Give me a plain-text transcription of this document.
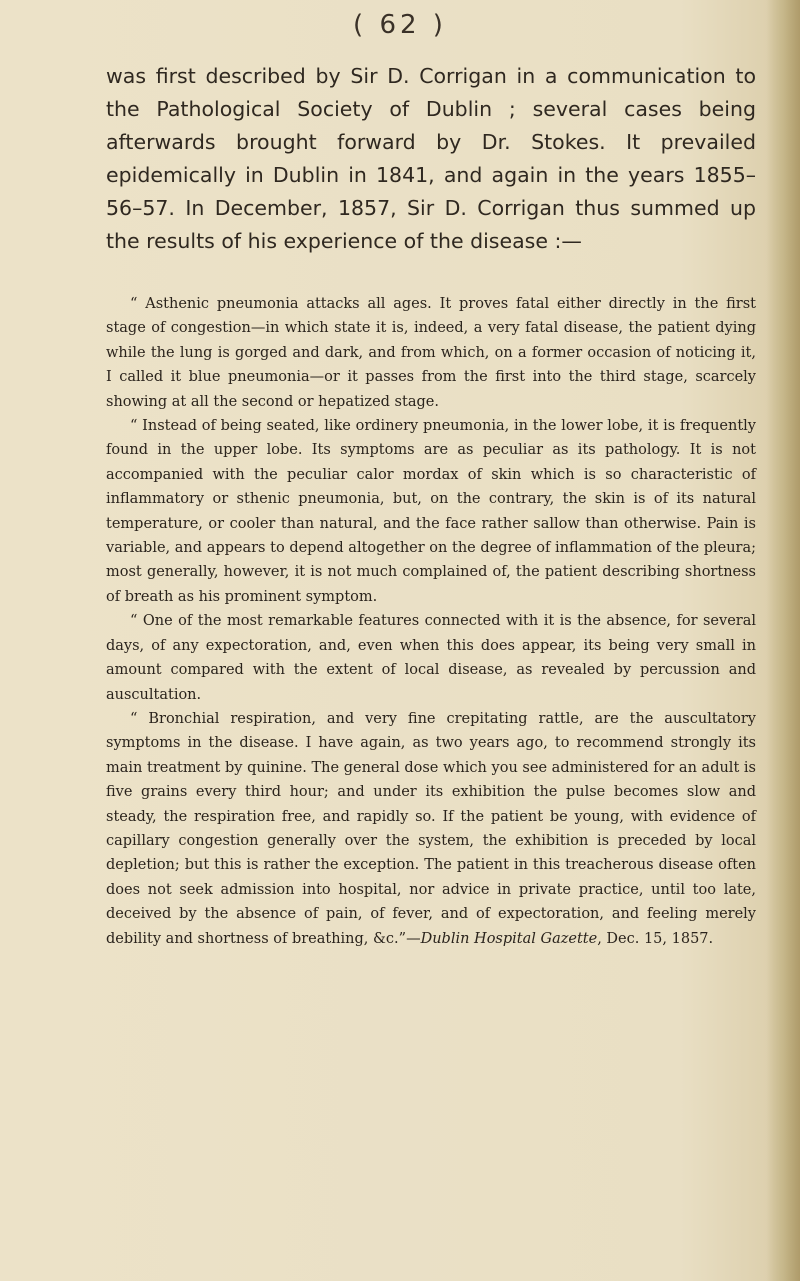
( 62 )

was first described by Sir D. Corrigan in a communication to the Pathological Society of Dublin ; several cases being afterwards brought forward by Dr. Stokes. It prevailed epidemically in Dublin in 1841, and again in the years 1855–56–57. In December, 1857, Sir D. Corrigan thus summed up the results of his experience of the disease :—

“ Asthenic pneumonia attacks all ages. It proves fatal either directly in the first stage of congestion—in which state it is, indeed, a very fatal disease, the patient dying while the lung is gorged and dark, and from which, on a former occasion of noticing it, I called it blue pneumonia—or it passes from the first into the third stage, scarcely showing at all the second or hepatized stage.

“ Instead of being seated, like ordinery pneumonia, in the lower lobe, it is frequently found in the upper lobe. Its symptoms are as peculiar as its pathology. It is not accompanied with the peculiar calor mordax of skin which is so characteristic of inflammatory or sthenic pneumonia, but, on the contrary, the skin is of its natural temperature, or cooler than natural, and the face rather sallow than otherwise. Pain is variable, and appears to depend altogether on the degree of inflammation of the pleura; most generally, however, it is not much complained of, the patient describing shortness of breath as his prominent symptom.

“ One of the most remarkable features connected with it is the absence, for several days, of any expectoration, and, even when this does appear, its being very small in amount compared with the extent of local disease, as revealed by percussion and auscultation.

“ Bronchial respiration, and very fine crepitating rattle, are the auscultatory symptoms in the disease. I have again, as two years ago, to recommend strongly its main treatment by quinine. The general dose which you see administered for an adult is five grains every third hour; and under its exhibition the pulse becomes slow and steady, the respiration free, and rapidly so. If the patient be young, with evidence of capillary congestion generally over the system, the exhibition is preceded by local depletion; but this is rather the exception. The patient in this treacherous disease often does not seek admission into hospital, nor advice in private practice, until too late, deceived by the absence of pain, of fever, and of expectoration, and feeling merely debility and shortness of breathing, &c.”—Dublin Hospital Gazette, Dec. 15, 1857.
